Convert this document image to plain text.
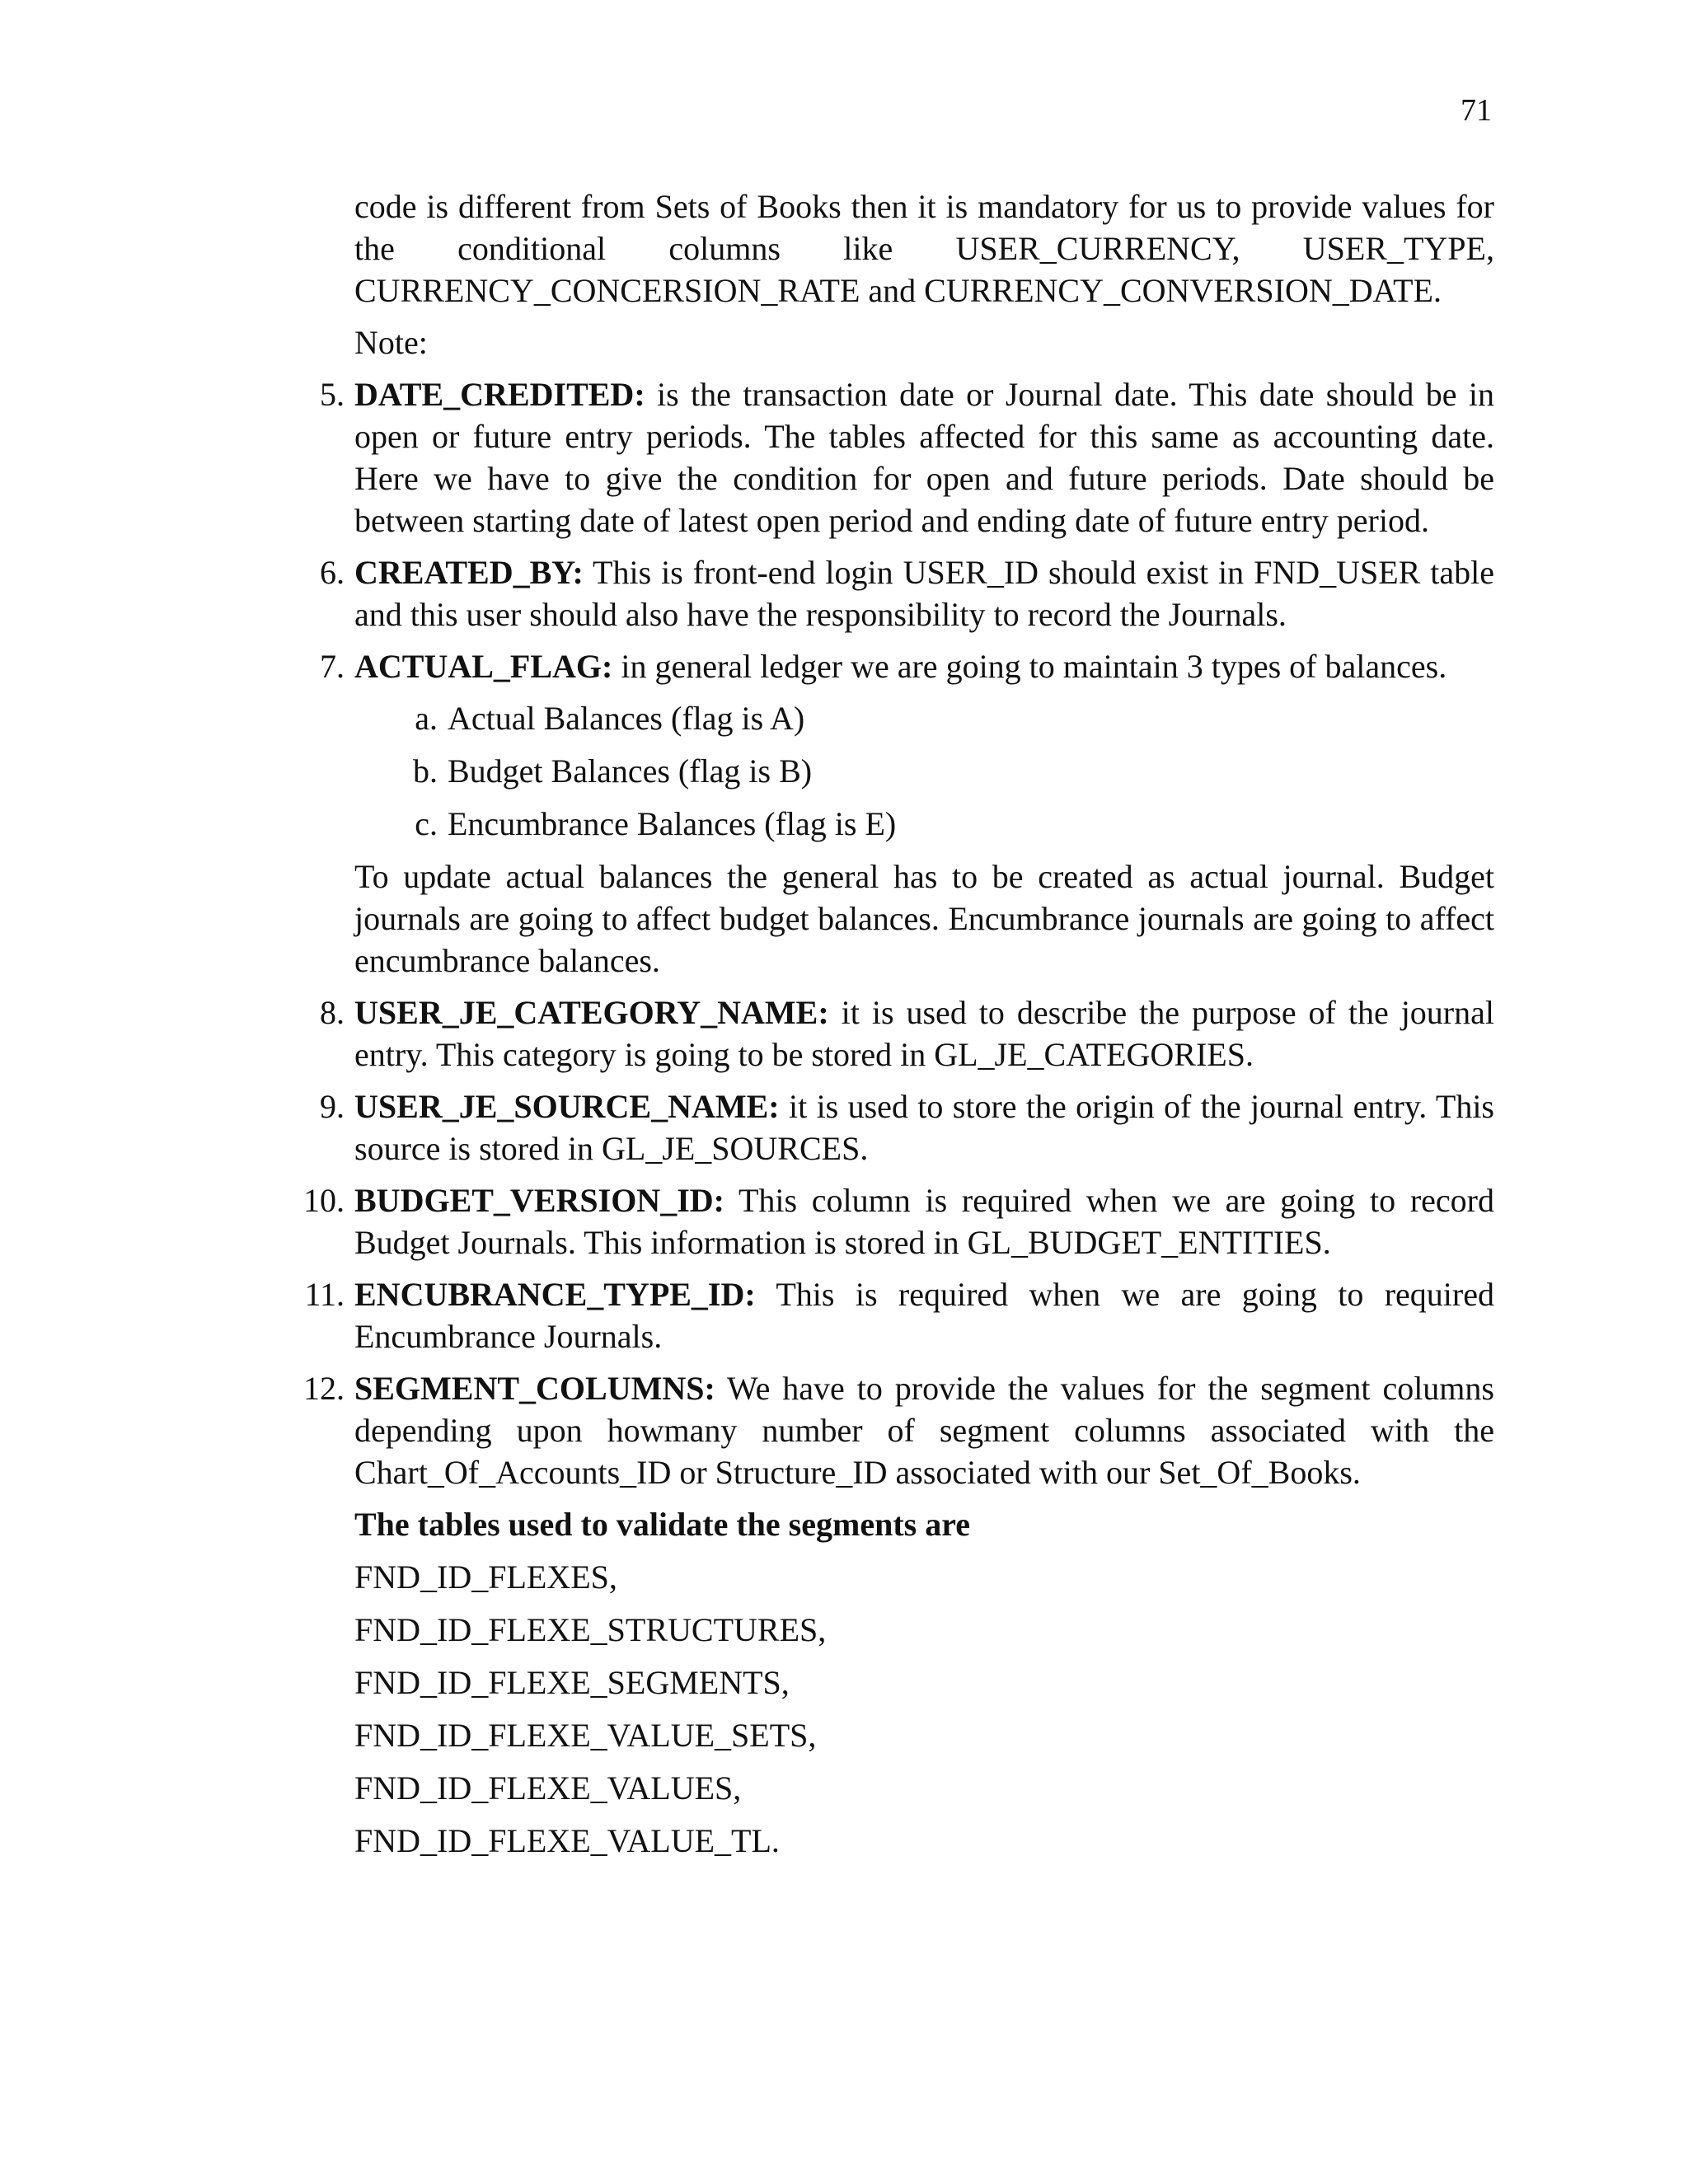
71

code is different from Sets of Books then it is mandatory for us to provide values for the conditional columns like USER_CURRENCY, USER_TYPE, CURRENCY_CONCERSION_RATE and CURRENCY_CONVERSION_DATE.

Note:

5. DATE_CREDITED: is the transaction date or Journal date. This date should be in open or future entry periods. The tables affected for this same as accounting date. Here we have to give the condition for open and future periods. Date should be between starting date of latest open period and ending date of future entry period.
6. CREATED_BY: This is front-end login USER_ID should exist in FND_USER table and this user should also have the responsibility to record the Journals.
7. ACTUAL_FLAG: in general ledger we are going to maintain 3 types of balances.
a. Actual Balances (flag is A)
b. Budget Balances (flag is B)
c. Encumbrance Balances (flag is E)

To update actual balances the general has to be created as actual journal. Budget journals are going to affect budget balances. Encumbrance journals are going to affect encumbrance balances.

8. USER_JE_CATEGORY_NAME: it is used to describe the purpose of the journal entry. This category is going to be stored in GL_JE_CATEGORIES.
9. USER_JE_SOURCE_NAME: it is used to store the origin of the journal entry. This source is stored in GL_JE_SOURCES.
10. BUDGET_VERSION_ID: This column is required when we are going to record Budget Journals. This information is stored in GL_BUDGET_ENTITIES.
11. ENCUBRANCE_TYPE_ID: This is required when we are going to required Encumbrance Journals.
12. SEGMENT_COLUMNS: We have to provide the values for the segment columns depending upon howmany number of segment columns associated with the Chart_Of_Accounts_ID or Structure_ID associated with our Set_Of_Books.

The tables used to validate the segments are

FND_ID_FLEXES,

FND_ID_FLEXE_STRUCTURES,

FND_ID_FLEXE_SEGMENTS,

FND_ID_FLEXE_VALUE_SETS,

FND_ID_FLEXE_VALUES,

FND_ID_FLEXE_VALUE_TL.
